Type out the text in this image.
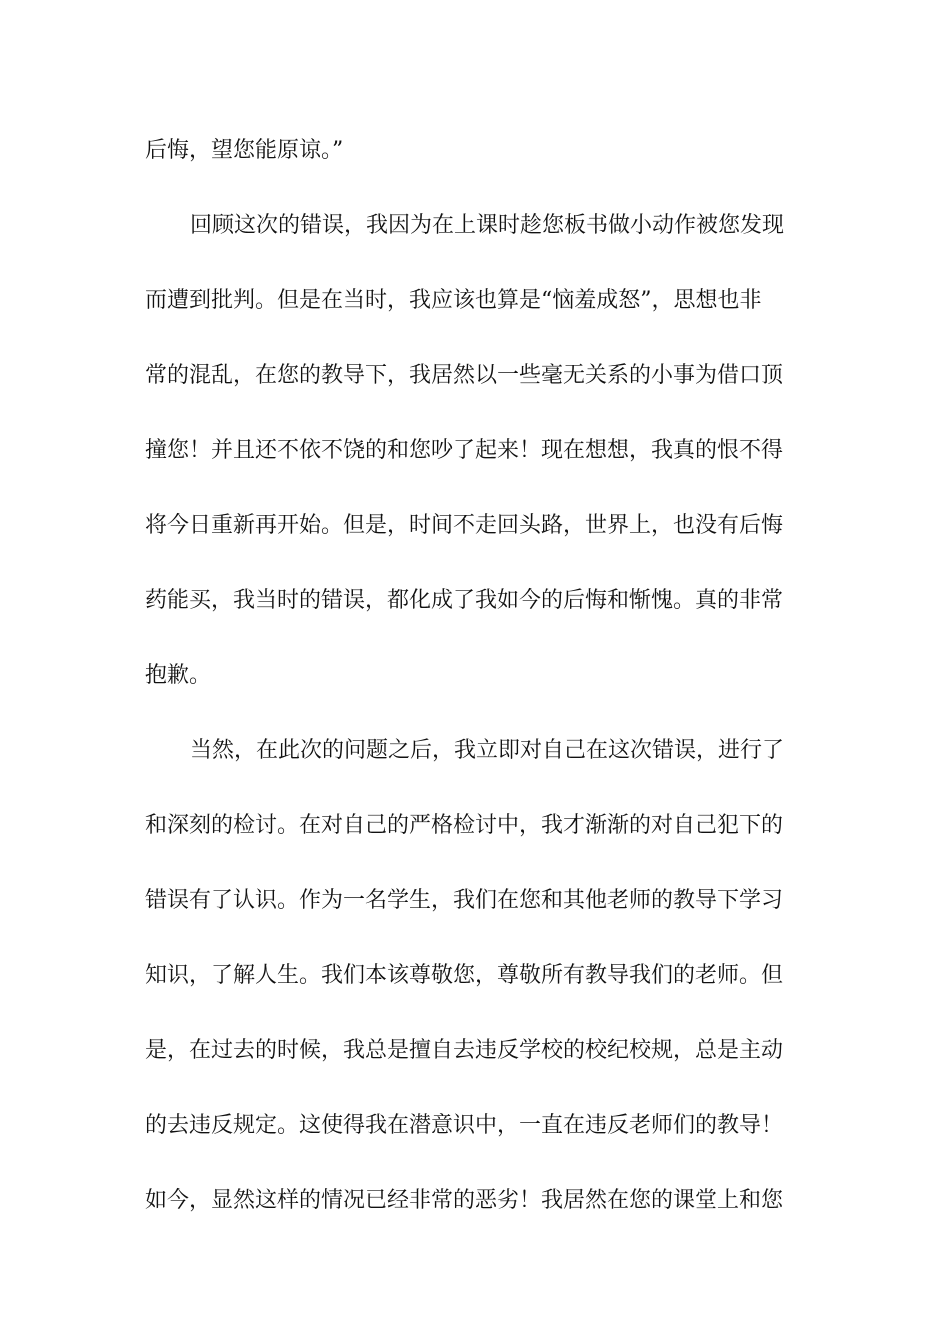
后悔，望您能原谅。”
回顾这次的错误，我因为在上课时趁您板书做小动作被您发现
而遭到批判。但是在当时，我应该也算是“恼羞成怒”，思想也非
常的混乱，在您的教导下，我居然以一些毫无关系的小事为借口顶
撞您！并且还不依不饶的和您吵了起来！现在想想，我真的恨不得
将今日重新再开始。但是，时间不走回头路，世界上，也没有后悔
药能买，我当时的错误，都化成了我如今的后悔和惭愧。真的非常
抱歉。
当然，在此次的问题之后，我立即对自己在这次错误，进行了
和深刻的检讨。在对自己的严格检讨中，我才渐渐的对自己犯下的
错误有了认识。作为一名学生，我们在您和其他老师的教导下学习
知识，了解人生。我们本该尊敬您，尊敬所有教导我们的老师。但
是，在过去的时候，我总是擅自去违反学校的校纪校规，总是主动
的去违反规定。这使得我在潜意识中，一直在违反老师们的教导！
如今，显然这样的情况已经非常的恶劣！我居然在您的课堂上和您
